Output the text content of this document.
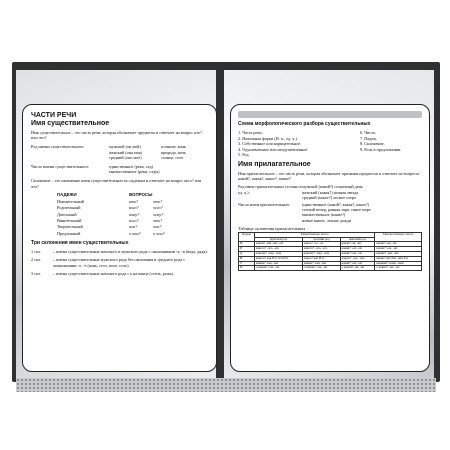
ЧАСТИ РЕЧИ
Имя существительное
Имя существительное – это часть речи, которая обозначает предметы и отвечает на вопрос кто? или что?
Род имени существительного:	мужской (он мой)	осенние, конь
женский (она моя)	природа, ночь
средний (оно моё)	солнце, село
Число имени существительного:	единственное (река, сад)
множественное (реки, сады)
Склонение – это изменение имен существительных по падежам и отвечает на вопрос кого? или что?
ПАДЕЖИ	ВОПРОСЫ
Именительный	кто?	что?
Родительный	кого?	чего?
Дательный	кому?	чему?
Винительный	кого?	что?
Творительный	кем?	чем?
Предложный	о ком?	о чем?
Три склонения имен существительных
1 скл.	– имена существительные женского и мужского рода с окончаниями -а, -я (вода, дядя).
2 скл.	– имена существительные мужского рода без окончания и среднего рода с окончаниями -о, -е (конь, стол, поле, село).
3 скл.	– имена существительные женского рода с ь на конце (степь, рожь).
Схема морфологического разбора существительных
1. Часть речи.
2. Начальная форма (И. п., ед. ч.).
3. Собственное или нарицательное.
4. Одушевленное или неодушевленное.
5. Род.
6. Число.
7. Падеж.
8. Склонение.
9. Роль в предложении.
Имя прилагательное
Имя прилагательное – это часть речи, которая обозначает признаки предметов и отвечает на вопросы какой?, какая?, какое?, какие?
Род имен прилагательных (только в ед. ч.):
мужской (какой?) солнечный день
женский (какая?) ночная звезда
средний (какое?) лесное озеро
Число имен прилагательных:	единственное (какой?, какая?, какое?)
теплый вечер, ранняя заря, синее море
множественное (какие?)
новые книги, летние дожди
Таблица склонения прилагательных
Падеж	Единственное число			Множественное число
	мужской род	средний род	женский род	
И.	какой? -ый, -ий, -ой	какое? -ое, -ее	какая? -ая, -яя	какие? -ые, -ие
Р.	какого? -ого, -его	какого? -ого, -его	какой? -ой, -ей	каких? -ых, -их
Д.	какому? -ому, -ему	какому? -ому, -ему	какой? -ой, -ей	каким? -ым, -им
В.	какого? как И.п. или Р.п.	какое? как И.п.	какую? -ую, -юю	какие? как И.п. или Р.п.
Т.	каким? -ым, -им	каким? -ым, -им	какой? -ой, -ей	какими? -ыми, -ими
П.	о каком? -ом, -ем	о каком? -ом, -ем	о какой? -ой, -ей	о каких? -ых, -их
